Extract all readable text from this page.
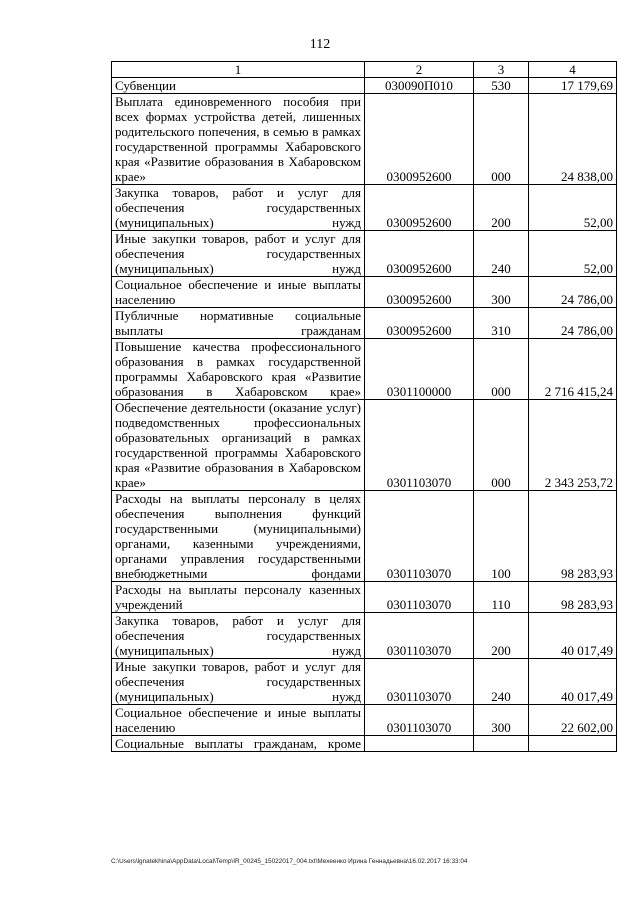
112
1	2	3	4
Субвенции	030090П010	530	17 179,69
Выплата единовременного пособия при всех формах устройства детей, лишенных родительского попечения, в семью в рамках государственной программы Хабаровского края «Развитие образования в Хабаровском крае»	0300952600	000	24 838,00
Закупка товаров, работ и услуг для обеспечения государственных (муниципальных) нужд	0300952600	200	52,00
Иные закупки товаров, работ и услуг для обеспечения государственных (муниципальных) нужд	0300952600	240	52,00
Социальное обеспечение и иные выплаты населению	0300952600	300	24 786,00
Публичные нормативные социальные выплаты гражданам	0300952600	310	24 786,00
Повышение качества профессионального образования в рамках государственной программы Хабаровского края «Развитие образования в Хабаровском крае»	0301100000	000	2 716 415,24
Обеспечение деятельности (оказание услуг) подведомственных профессиональных образовательных организаций в рамках государственной программы Хабаровского края «Развитие образования в Хабаровском крае»	0301103070	000	2 343 253,72
Расходы на выплаты персоналу в целях обеспечения выполнения функций государственными (муниципальными) органами, казенными учреждениями, органами управления государственными внебюджетными фондами	0301103070	100	98 283,93
Расходы на выплаты персоналу казенных учреждений	0301103070	110	98 283,93
Закупка товаров, работ и услуг для обеспечения государственных (муниципальных) нужд	0301103070	200	40 017,49
Иные закупки товаров, работ и услуг для обеспечения государственных (муниципальных) нужд	0301103070	240	40 017,49
Социальное обеспечение и иные выплаты населению	0301103070	300	22 602,00
Социальные выплаты гражданам, кроме			
C:\Users\lgnatekhina\AppData\Local\Temp\IR_00245_15022017_004.txt\Мехеенко Ирина Геннадьевна\16.02.2017 16:33:04
